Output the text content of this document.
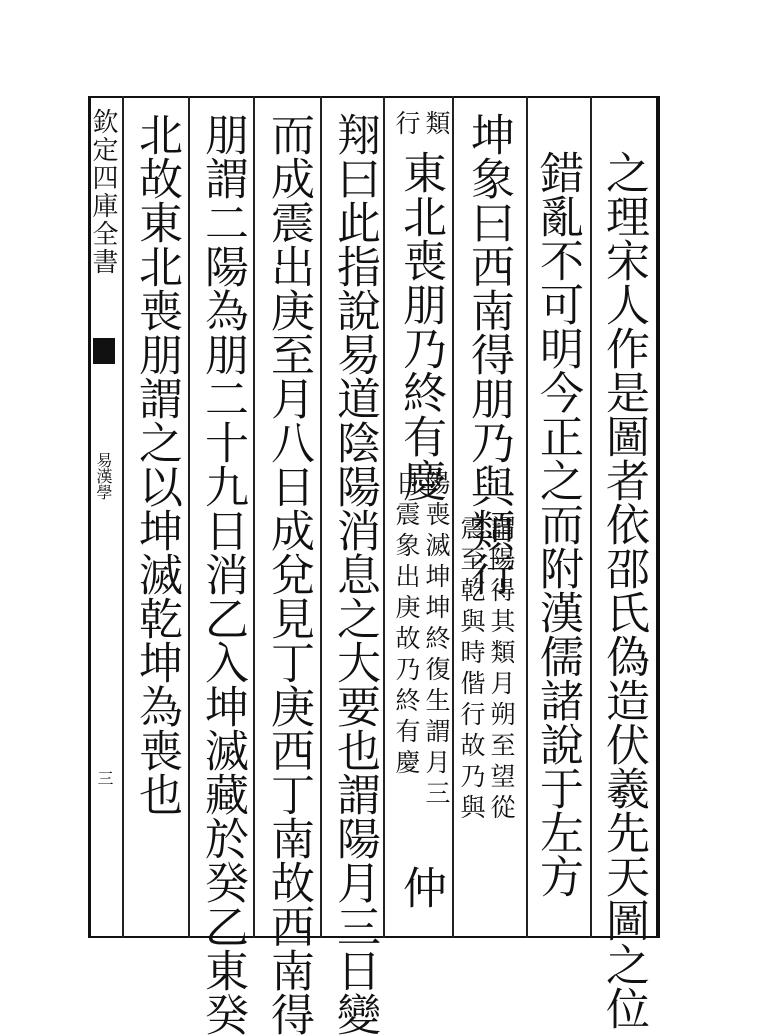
欽定四庫全書
易漢學
三	之理宋人作是圖者依邵氏偽造伏羲先天圖之位
錯亂不可明今正之而附漢儒諸說于左方
坤象曰西南得朋乃與類行
謂陽得其類月朔至望從
震至乾與時偕行故乃與
類
行
東北喪朋乃終有慶
陽喪滅坤坤終復生謂月三
日震象出庚故乃終有慶
仲
翔曰此指說易道陰陽消息之大要也謂陽月三日變
而成震出庚至月八日成兌見丁庚西丁南故西南得
朋謂二陽為朋二十九日消乙入坤滅藏於癸乙東癸
北故東北喪朋謂之以坤滅乾坤為喪也
